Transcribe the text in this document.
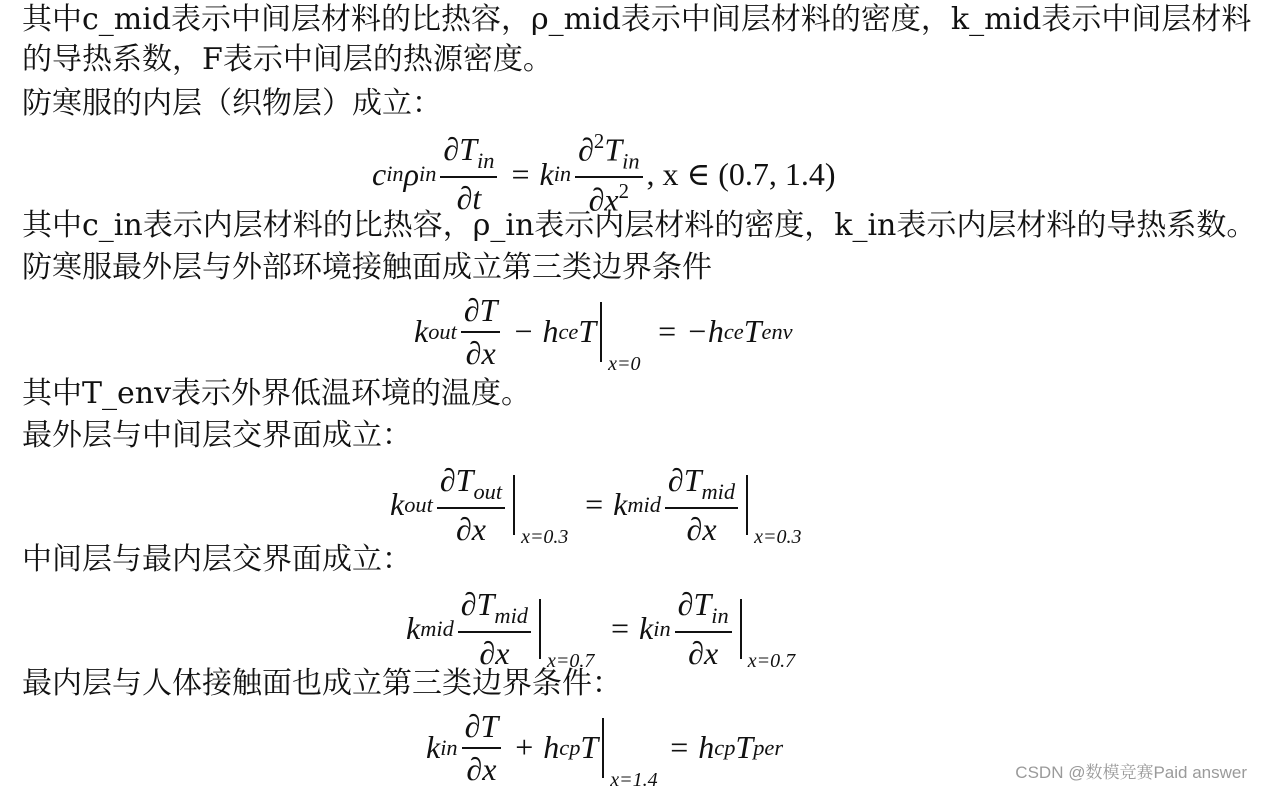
其中c_mid表示中间层材料的比热容，ρ_mid表示中间层材料的密度，k_mid表示中间层材料
的导热系数，F表示中间层的热源密度。
防寒服的内层（织物层）成立：
c in ρ in $\frac{\partial T_{in}}{\partial t} = k$ in $\frac{\partial^2T_{in}}{\partial x^2}$ , x ∈ (0.7, 1.4)
其中c_in表示内层材料的比热容，ρ_in表示内层材料的密度，k_in表示内层材料的导热系数。
防寒服最外层与外部环境接触面成立第三类边界条件
k out $\frac{\partial T}{\partial x} - h$ ce T
x=0
= −h ce T env
其中T_env表示外界低温环境的温度。
最外层与中间层交界面成立：
k out $\frac{\partial T_{out}}{\partial x} x=0.3$
= k mid $\frac{\partial T_{mid}}{\partial x} x=0.3$
中间层与最内层交界面成立：
k mid $\frac{\partial T_{mid}}{\partial x} x=0.7$
= k in $\frac{\partial T_{in}}{\partial x} x=0.7$
最内层与人体接触面也成立第三类边界条件：
k in $\frac{\partial T}{\partial x} + h$ cp T
x=1.4
= h cp T per
CSDN @数模竞赛Paid answer
